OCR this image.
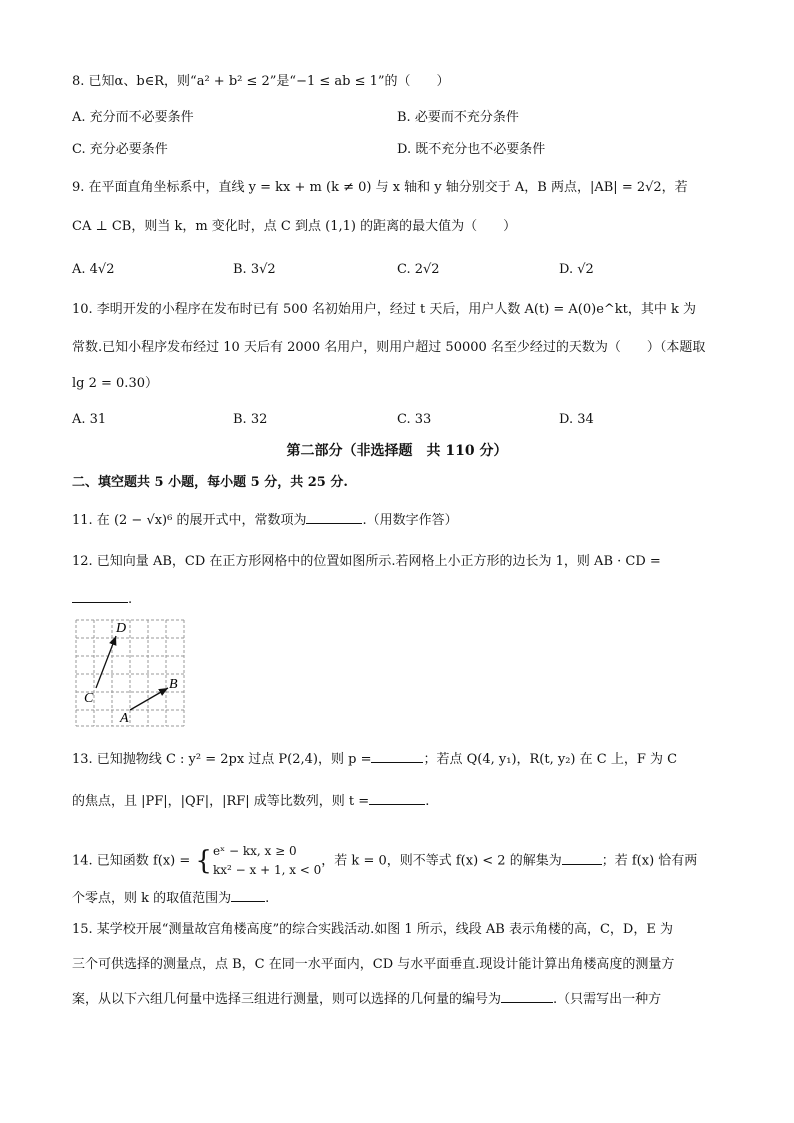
8. 已知α、b∈R，则“a² + b² ≤ 2”是“−1 ≤ ab ≤ 1”的（　　）
A. 充分而不必要条件	B. 必要而不充分条件
C. 充分必要条件	D. 既不充分也不必要条件
9. 在平面直角坐标系中，直线 y = kx + m (k ≠ 0) 与 x 轴和 y 轴分别交于 A，B 两点，|AB| = 2√2，若
CA ⊥ CB，则当 k，m 变化时，点 C 到点 (1,1) 的距离的最大值为（　　）
A. 4√2	B. 3√2	C. 2√2	D. √2
10. 李明开发的小程序在发布时已有 500 名初始用户，经过 t 天后，用户人数 A(t) = A(0)e^kt，其中 k 为
常数.已知小程序发布经过 10 天后有 2000 名用户，则用户超过 50000 名至少经过的天数为（　　）（本题取
lg 2 = 0.30）
A. 31	B. 32	C. 33	D. 34
第二部分（非选择题　共 110 分）
二、填空题共 5 小题，每小题 5 分，共 25 分.
11. 在 (2 − √x)⁶ 的展开式中，常数项为	.（用数字作答）
12. 已知向量 AB，CD 在正方形网格中的位置如图所示.若网格上小正方形的边长为 1，则 AB · CD =
.
D
C
B
A
13. 已知抛物线 C : y² = 2px 过点 P(2,4)，则 p =	；若点 Q(4, y₁)，R(t, y₂) 在 C 上，F 为 C
的焦点，且 |PF|，|QF|，|RF| 成等比数列，则 t =	.
14. 已知函数 f(x) = { eˣ − kx, x ≥ 0
kx² − x + 1, x < 0
，若 k = 0，则不等式 f(x) < 2 的解集为	；若 f(x) 恰有两
个零点，则 k 的取值范围为	.
15. 某学校开展“测量故宫角楼高度”的综合实践活动.如图 1 所示，线段 AB 表示角楼的高，C，D，E 为
三个可供选择的测量点，点 B，C 在同一水平面内，CD 与水平面垂直.现设计能计算出角楼高度的测量方
案，从以下六组几何量中选择三组进行测量，则可以选择的几何量的编号为	.（只需写出一种方
